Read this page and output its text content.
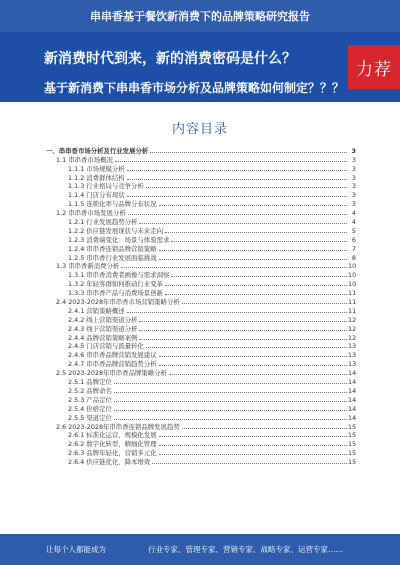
串串香基于餐饮新消费下的品牌策略研究报告
新消费时代到来，新的消费密码是什么？
基于新消费下串串香市场分析及品牌策略如何制定？？？
力荐
内容目录
一、串串香市场分析及行业发展分析	3
1.1 串串香市场概况	3
1.1.1 市场规模分析	3
1.1.2 消费群体结构	3
1.1.3 行业格局与竞争分析	3
1.1.4 门店分布现状	3
1.1.5 连锁化率与品牌分布状况	3
1.2 串串香市场发展分析	4
1.2.1 行业发展趋势分析	4
1.2.2 供应链发展现状与未来走向	5
1.2.3 消费端变化：场景与体验需求	6
1.2.4 串串香连锁品牌营销策略	7
1.2.5 串串香行业发展面临挑战	8
1.3 串串香新消费分析	10
1.3.1 串串香消费者画像与需求洞察	10
1.3.2 年轻客群如何推动行业变革	10
1.3.3 串串香产品与消费场景创新	11
2.4 2023-2028年串串香市场营销策略分析	11
2.4.1 营销策略概述	11
2.4.2 线上营销渠道分析	12
2.4.3 线下营销渠道分析	12
2.4.4 品牌营销策略案例	12
2.4.5 门店营销与流量转化	13
2.4.6 串串香品牌营销发展建议	13
2.4.7 串串香品牌营销趋势分析	13
2.5 2023-2028年串串香品牌策略分析	14
2.5.1 品牌定位	14
2.5.2 品牌命名	14
2.5.3 产品定位	14
2.5.4 价格定位	14
2.5.5 渠道定位	14
2.6 2023-2028年串串香连锁品牌发展趋势	15
2.6.1 标准化运营，规模化发展	15
2.6.2 数字化转型，精细化管理	15
2.6.3 品牌年轻化，营销多元化	15
2.6.4 供应链优化，降本增效	15
让每个人都能成为	行业专家、管理专家、营销专家、战略专家、运营专家……
